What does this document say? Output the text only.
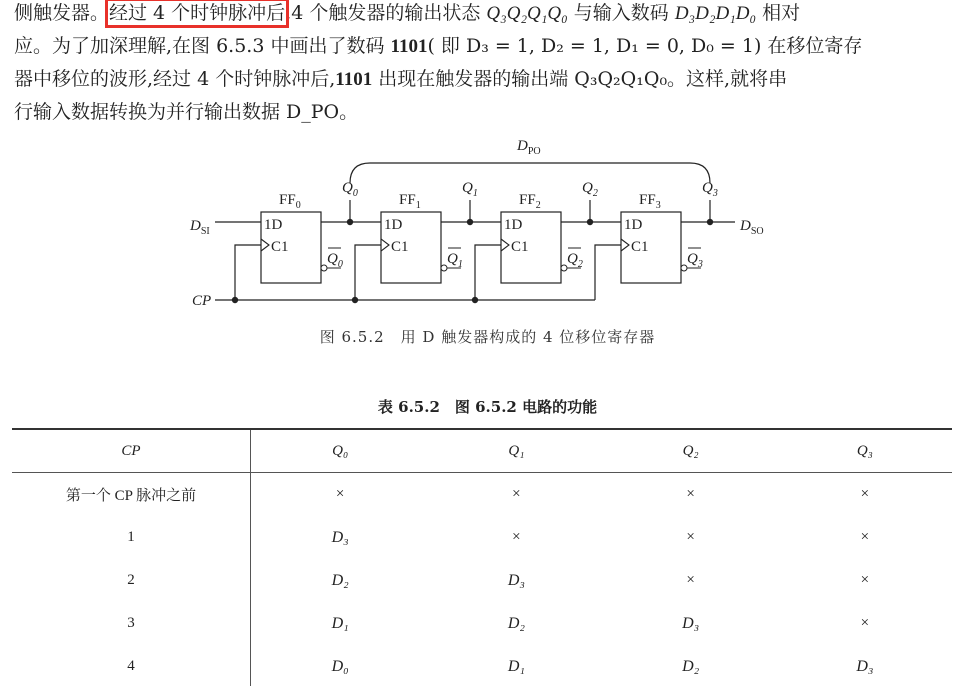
侧触发器。经过 4 个时钟脉冲后,4 个触发器的输出状态 Q₃Q₂Q₁Q₀ 与输入数码 D₃D₂D₁D₀ 相对
应。为了加深理解,在图 6.5.3 中画出了数码 1101( 即 D₃ = 1, D₂ = 1, D₁ = 0, D₀ = 1) 在移位寄存
器中移位的波形,经过 4 个时钟脉冲后,1101 出现在触发器的输出端 Q₃Q₂Q₁Q₀。这样,就将串
行输入数据转换为并行输出数据 D_PO。
$FF_0$
1D
C1
$Q_0$
$Q_0$	$FF_1$
1D
C1
$Q_1$
$Q_1$	$FF_2$
1D
C1
$Q_2$
$Q_2$	$FF_3$
1D
C1
$Q_3$
$Q_3$
$D_{PO}$
$D_{SI}$	$D_{SO}$
CP
图 6.5.2　用 D 触发器构成的 4 位移位寄存器
表 6.5.2　图 6.5.2 电路的功能
CP	Q₀	Q₁	Q₂	Q₃
第一个 CP 脉冲之前	×	×	×	×
1	D₃	×	×	×
2	D₂	D₃	×	×
3	D₁	D₂	D₃	×
4	D₀	D₁	D₂	D₃
